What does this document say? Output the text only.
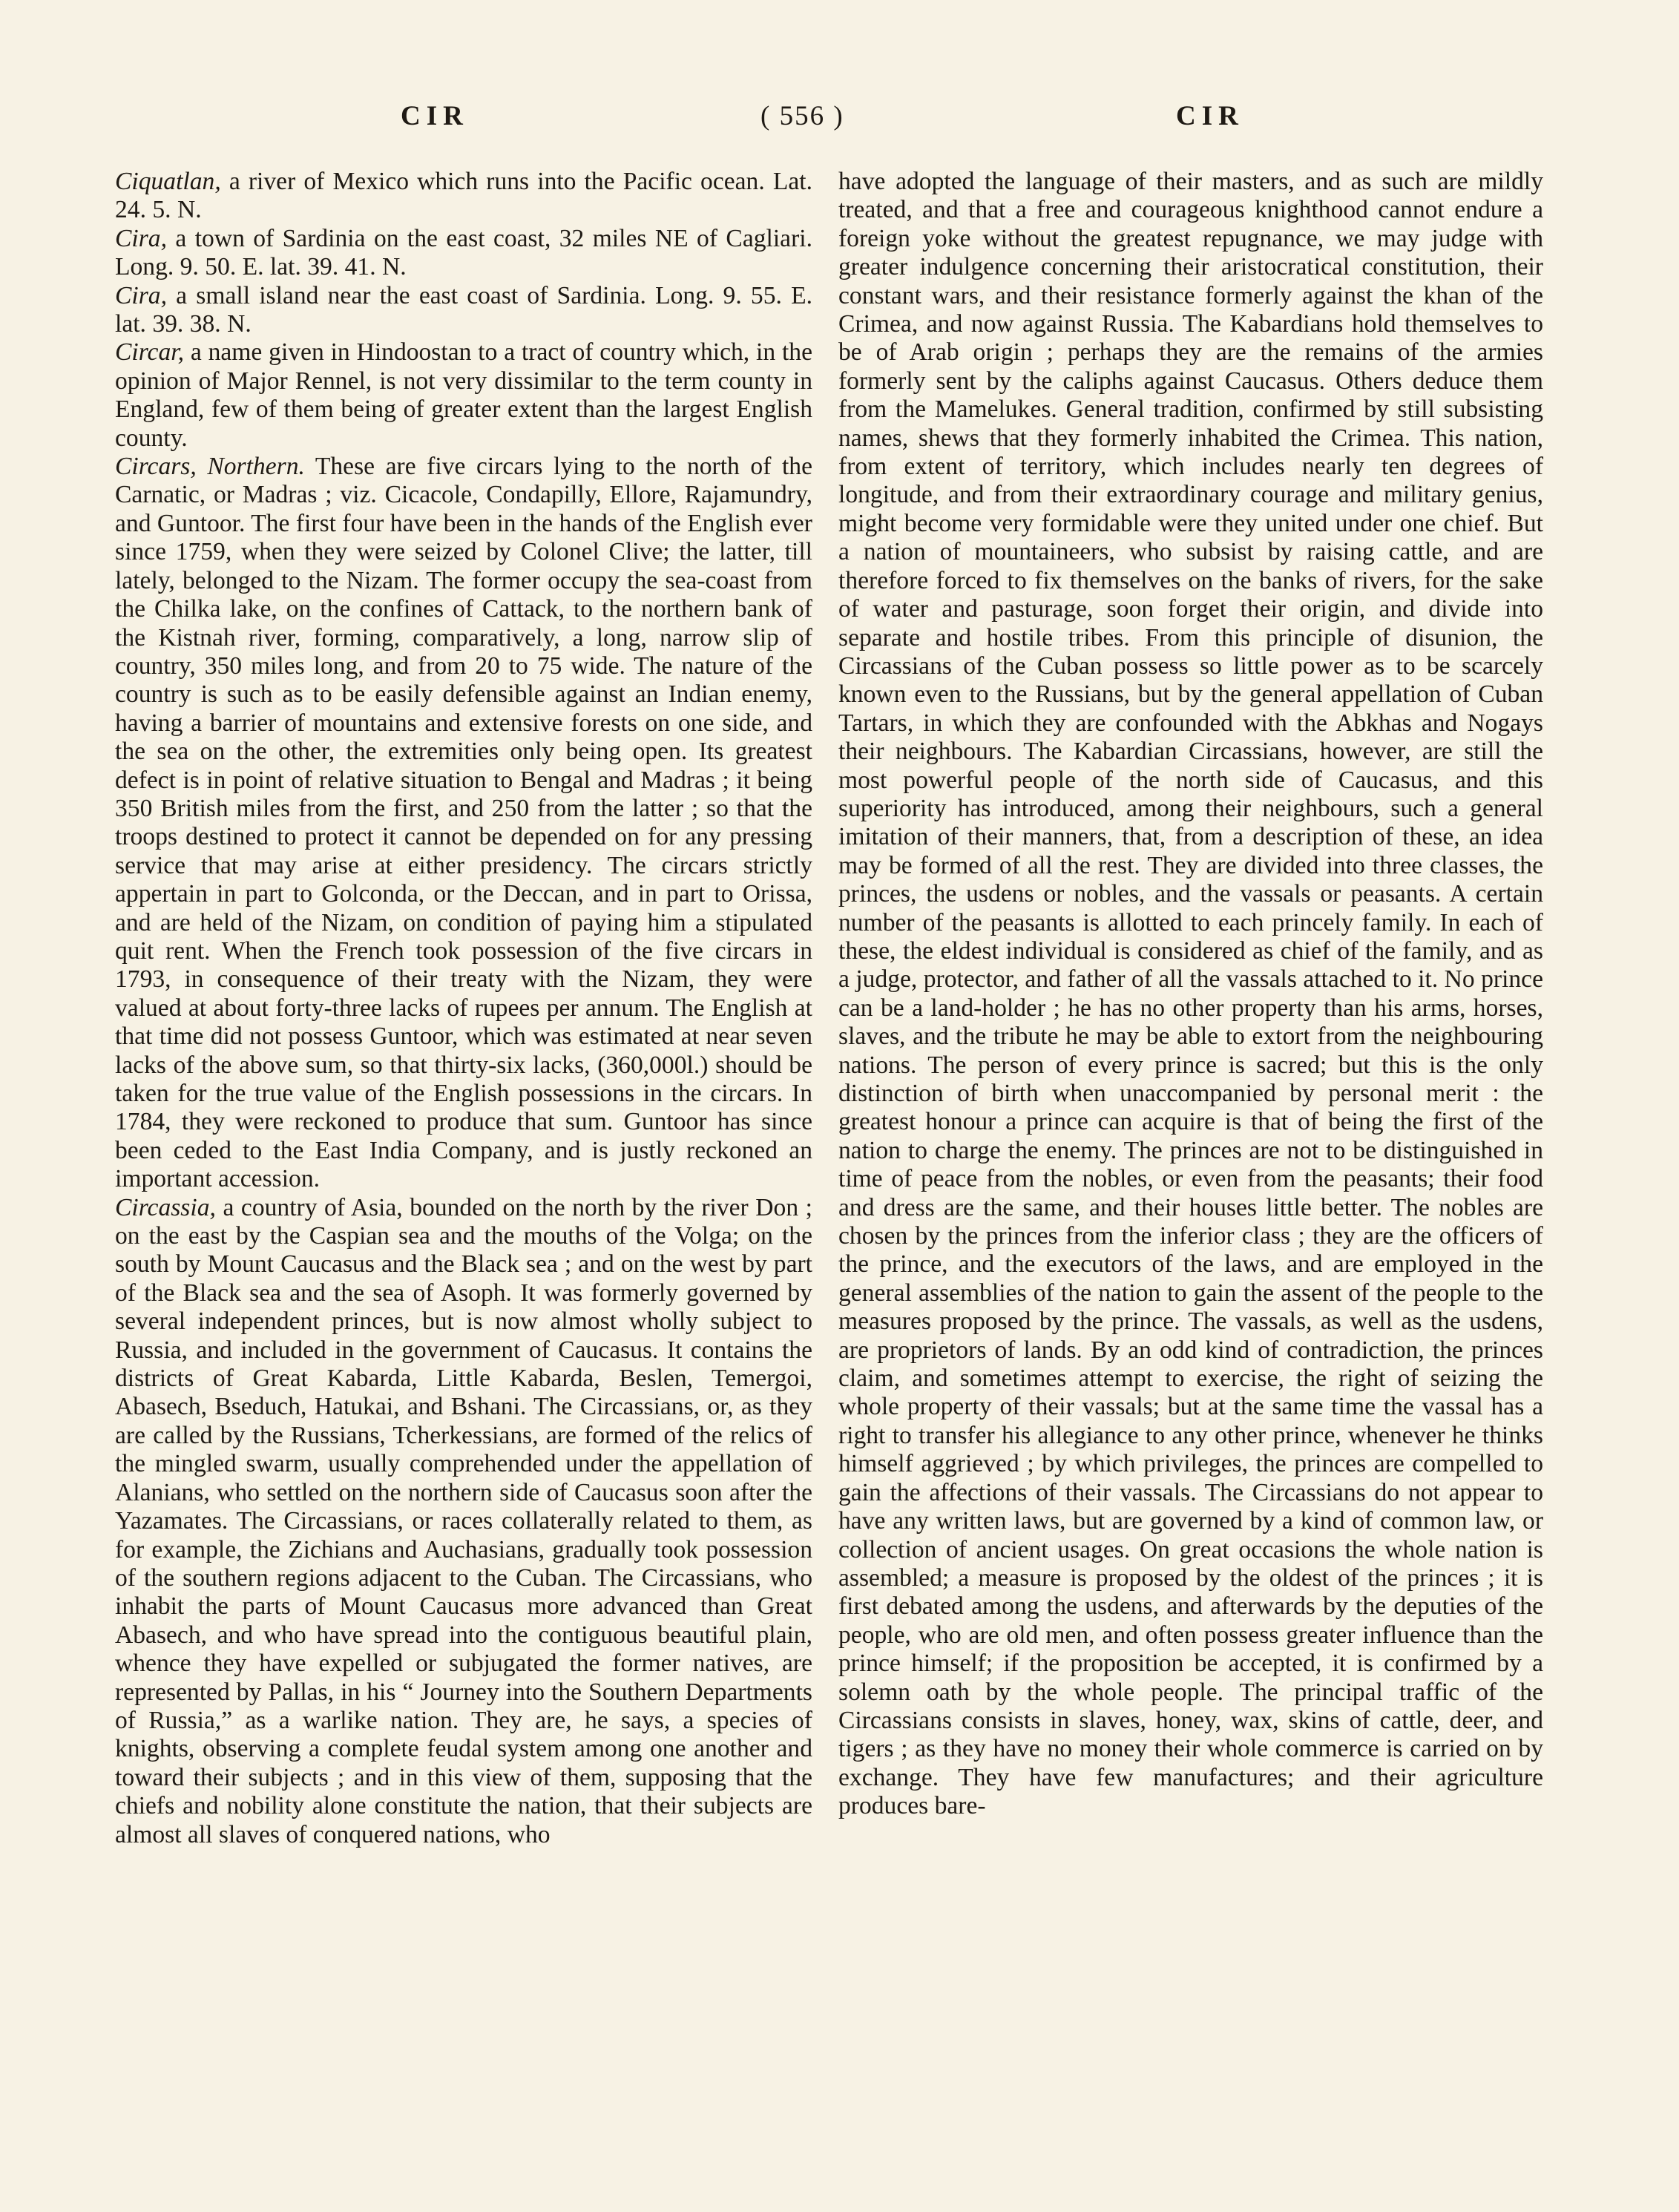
CIR	( 556 )	CIR

Ciquatlan, a river of Mexico which runs into the Pacific ocean. Lat. 24. 5. N.

Cira, a town of Sardinia on the east coast, 32 miles NE of Cagliari. Long. 9. 50. E. lat. 39. 41. N.

Cira, a small island near the east coast of Sardinia. Long. 9. 55. E. lat. 39. 38. N.

Circar, a name given in Hindoostan to a tract of country which, in the opinion of Major Rennel, is not very dissimilar to the term county in England, few of them being of greater extent than the largest English county.

Circars, Northern. These are five circars lying to the north of the Carnatic, or Madras ; viz. Cicacole, Condapilly, Ellore, Rajamundry, and Guntoor. The first four have been in the hands of the English ever since 1759, when they were seized by Colonel Clive; the latter, till lately, belonged to the Nizam. The former occupy the sea-coast from the Chilka lake, on the confines of Cattack, to the northern bank of the Kistnah river, forming, comparatively, a long, narrow slip of country, 350 miles long, and from 20 to 75 wide. The nature of the country is such as to be easily defensible against an Indian enemy, having a barrier of mountains and extensive forests on one side, and the sea on the other, the extremities only being open. Its greatest defect is in point of relative situation to Bengal and Madras ; it being 350 British miles from the first, and 250 from the latter ; so that the troops destined to protect it cannot be depended on for any pressing service that may arise at either presidency. The circars strictly appertain in part to Golconda, or the Deccan, and in part to Orissa, and are held of the Nizam, on condition of paying him a stipulated quit rent. When the French took possession of the five circars in 1793, in consequence of their treaty with the Nizam, they were valued at about forty-three lacks of rupees per annum. The English at that time did not possess Guntoor, which was estimated at near seven lacks of the above sum, so that thirty-six lacks, (360,000l.) should be taken for the true value of the English possessions in the circars. In 1784, they were reckoned to produce that sum. Guntoor has since been ceded to the East India Company, and is justly reckoned an important accession.

Circassia, a country of Asia, bounded on the north by the river Don ; on the east by the Caspian sea and the mouths of the Volga; on the south by Mount Caucasus and the Black sea ; and on the west by part of the Black sea and the sea of Asoph. It was formerly governed by several independent princes, but is now almost wholly subject to Russia, and included in the government of Caucasus. It contains the districts of Great Kabarda, Little Kabarda, Beslen, Temergoi, Abasech, Bseduch, Hatukai, and Bshani. The Circassians, or, as they are called by the Russians, Tcherkessians, are formed of the relics of the mingled swarm, usually comprehended under the appellation of Alanians, who settled on the northern side of Caucasus soon after the Yazamates. The Circassians, or races collaterally related to them, as for example, the Zichians and Auchasians, gradually took possession of the southern regions adjacent to the Cuban. The Circassians, who inhabit the parts of Mount Caucasus more advanced than Great Abasech, and who have spread into the contiguous beautiful plain, whence they have expelled or subjugated the former natives, are represented by Pallas, in his “ Journey into the Southern Departments of Russia,” as a warlike nation. They are, he says, a species of knights, observing a complete feudal system among one another and toward their subjects ; and in this view of them, supposing that the chiefs and nobility alone constitute the nation, that their subjects are almost all slaves of conquered nations, who

have adopted the language of their masters, and as such are mildly treated, and that a free and courageous knighthood cannot endure a foreign yoke without the greatest repugnance, we may judge with greater indulgence concerning their aristocratical constitution, their constant wars, and their resistance formerly against the khan of the Crimea, and now against Russia. The Kabardians hold themselves to be of Arab origin ; perhaps they are the remains of the armies formerly sent by the caliphs against Caucasus. Others deduce them from the Mamelukes. General tradition, confirmed by still subsisting names, shews that they formerly inhabited the Crimea. This nation, from extent of territory, which includes nearly ten degrees of longitude, and from their extraordinary courage and military genius, might become very formidable were they united under one chief. But a nation of mountaineers, who subsist by raising cattle, and are therefore forced to fix themselves on the banks of rivers, for the sake of water and pasturage, soon forget their origin, and divide into separate and hostile tribes. From this principle of disunion, the Circassians of the Cuban possess so little power as to be scarcely known even to the Russians, but by the general appellation of Cuban Tartars, in which they are confounded with the Abkhas and Nogays their neighbours. The Kabardian Circassians, however, are still the most powerful people of the north side of Caucasus, and this superiority has introduced, among their neighbours, such a general imitation of their manners, that, from a description of these, an idea may be formed of all the rest. They are divided into three classes, the princes, the usdens or nobles, and the vassals or peasants. A certain number of the peasants is allotted to each princely family. In each of these, the eldest individual is considered as chief of the family, and as a judge, protector, and father of all the vassals attached to it. No prince can be a land-holder ; he has no other property than his arms, horses, slaves, and the tribute he may be able to extort from the neighbouring nations. The person of every prince is sacred; but this is the only distinction of birth when unaccompanied by personal merit : the greatest honour a prince can acquire is that of being the first of the nation to charge the enemy. The princes are not to be distinguished in time of peace from the nobles, or even from the peasants; their food and dress are the same, and their houses little better. The nobles are chosen by the princes from the inferior class ; they are the officers of the prince, and the executors of the laws, and are employed in the general assemblies of the nation to gain the assent of the people to the measures proposed by the prince. The vassals, as well as the usdens, are proprietors of lands. By an odd kind of contradiction, the princes claim, and sometimes attempt to exercise, the right of seizing the whole property of their vassals; but at the same time the vassal has a right to transfer his allegiance to any other prince, whenever he thinks himself aggrieved ; by which privileges, the princes are compelled to gain the affections of their vassals. The Circassians do not appear to have any written laws, but are governed by a kind of common law, or collection of ancient usages. On great occasions the whole nation is assembled; a measure is proposed by the oldest of the princes ; it is first debated among the usdens, and afterwards by the deputies of the people, who are old men, and often possess greater influence than the prince himself; if the proposition be accepted, it is confirmed by a solemn oath by the whole people. The principal traffic of the Circassians consists in slaves, honey, wax, skins of cattle, deer, and tigers ; as they have no money their whole commerce is carried on by exchange. They have few manufactures; and their agriculture produces bare-
